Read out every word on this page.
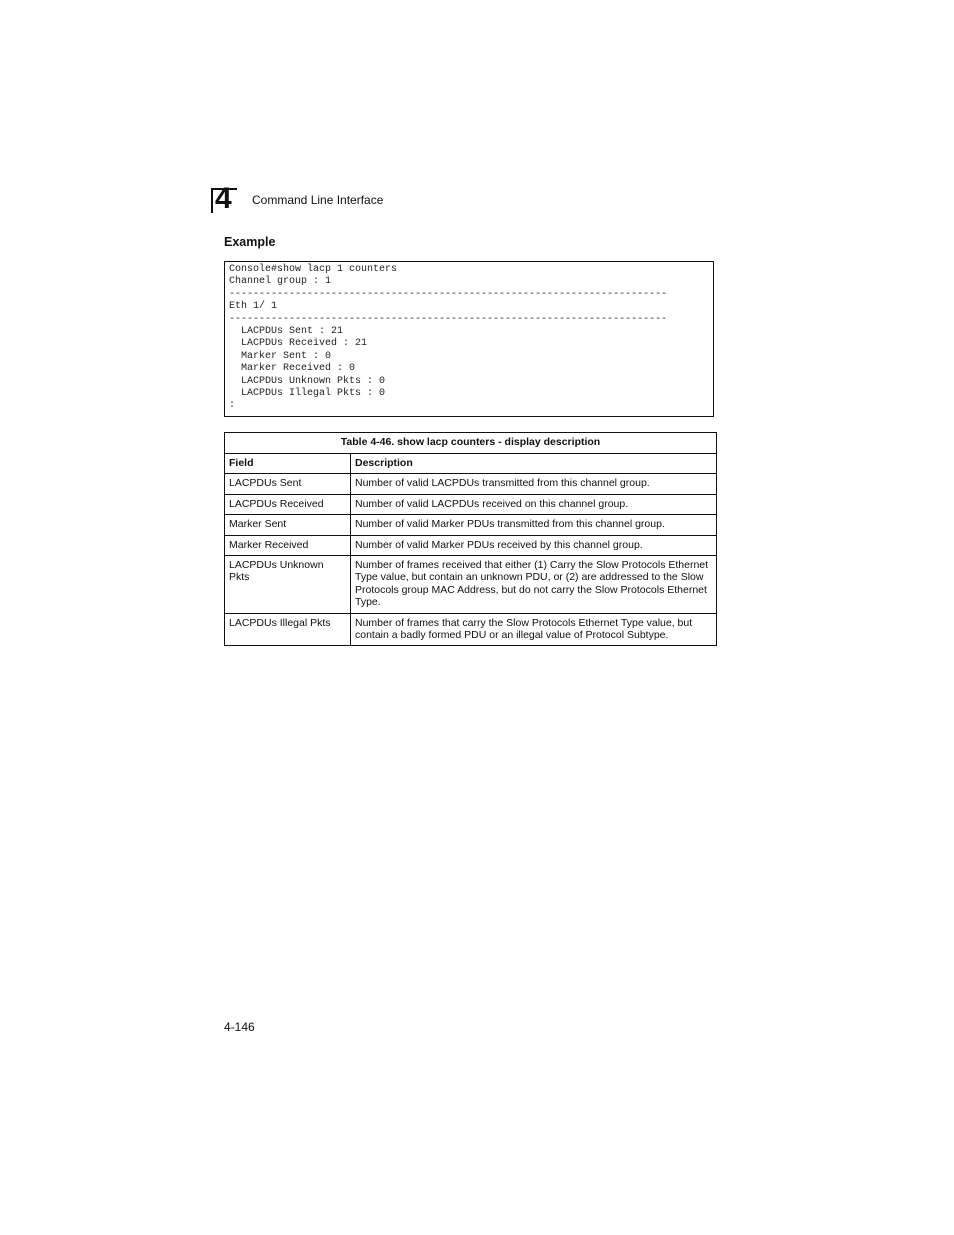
4 Command Line Interface
Example
Console#show lacp 1 counters
Channel group : 1
-------------------------------------------------------------------------
Eth 1/ 1
-------------------------------------------------------------------------
LACPDUs Sent : 21
LACPDUs Received : 21
Marker Sent : 0
Marker Received : 0
LACPDUs Unknown Pkts : 0
LACPDUs Illegal Pkts : 0
:
Table 4-46. show lacp counters - display description	
Field	Description
LACPDUs Sent	Number of valid LACPDUs transmitted from this channel group.
LACPDUs Received	Number of valid LACPDUs received on this channel group.
Marker Sent	Number of valid Marker PDUs transmitted from this channel group.
Marker Received	Number of valid Marker PDUs received by this channel group.
LACPDUs Unknown Pkts	Number of frames received that either (1) Carry the Slow Protocols Ethernet Type value, but contain an unknown PDU, or (2) are addressed to the Slow Protocols group MAC Address, but do not carry the Slow Protocols Ethernet Type.
LACPDUs Illegal Pkts	Number of frames that carry the Slow Protocols Ethernet Type value, but contain a badly formed PDU or an illegal value of Protocol Subtype.
4-146
